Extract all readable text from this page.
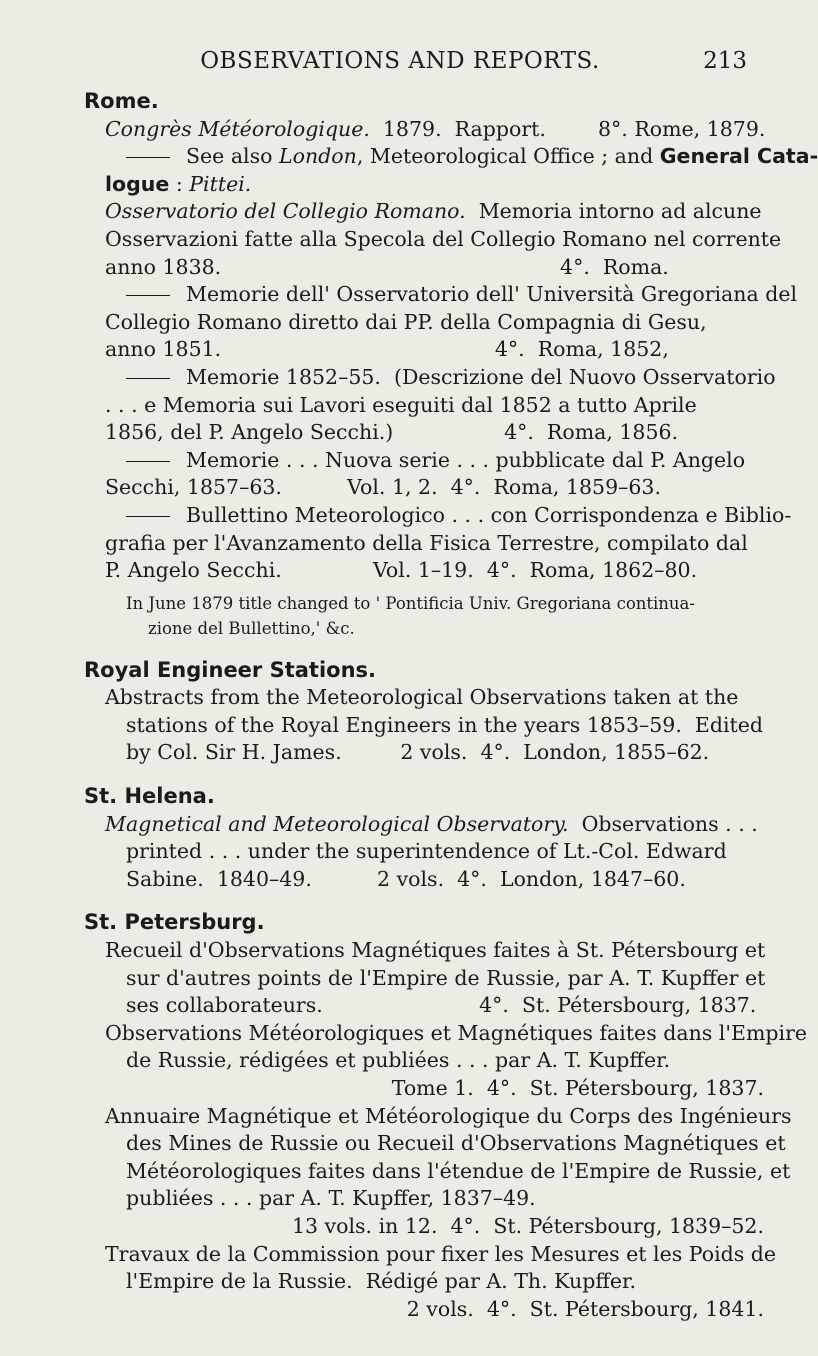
OBSERVATIONS AND REPORTS.	213
Rome.
Congrès Météorologique.  1879.  Rapport.        8°. Rome, 1879.
See also London, Meteorological Office ; and General Cata-
logue : Pittei.
Osservatorio del Collegio Romano.  Memoria intorno ad alcune
Osservazioni fatte alla Specola del Collegio Romano nel corrente
anno 1838.                                                    4°.  Roma.
Memorie dell' Osservatorio dell' Università Gregoriana del
Collegio Romano diretto dai PP. della Compagnia di Gesu,
anno 1851.                                          4°.  Roma, 1852,
Memorie 1852–55.  (Descrizione del Nuovo Osservatorio
. . . e Memoria sui Lavori eseguiti dal 1852 a tutto Aprile
1856, del P. Angelo Secchi.)                 4°.  Roma, 1856.
Memorie . . . Nuova serie . . . pubblicate dal P. Angelo
Secchi, 1857–63.          Vol. 1, 2.  4°.  Roma, 1859–63.
Bullettino Meteorologico . . . con Corrispondenza e Biblio-
grafia per l'Avanzamento della Fisica Terrestre, compilato dal
P. Angelo Secchi.              Vol. 1–19.  4°.  Roma, 1862–80.
In June 1879 title changed to ' Pontificia Univ. Gregoriana continua-
zione del Bullettino,' &c.
Royal Engineer Stations.
Abstracts from the Meteorological Observations taken at the
stations of the Royal Engineers in the years 1853–59.  Edited
by Col. Sir H. James.         2 vols.  4°.  London, 1855–62.
St. Helena.
Magnetical and Meteorological Observatory.  Observations . . .
printed . . . under the superintendence of Lt.-Col. Edward
Sabine.  1840–49.          2 vols.  4°.  London, 1847–60.
St. Petersburg.
Recueil d'Observations Magnétiques faites à St. Pétersbourg et
sur d'autres points de l'Empire de Russie, par A. T. Kupffer et
ses collaborateurs.                        4°.  St. Pétersbourg, 1837.
Observations Météorologiques et Magnétiques faites dans l'Empire
de Russie, rédigées et publiées . . . par A. T. Kupffer.
Tome 1.  4°.  St. Pétersbourg, 1837.
Annuaire Magnétique et Météorologique du Corps des Ingénieurs
des Mines de Russie ou Recueil d'Observations Magnétiques et
Météorologiques faites dans l'étendue de l'Empire de Russie, et
publiées . . . par A. T. Kupffer, 1837–49.
13 vols. in 12.  4°.  St. Pétersbourg, 1839–52.
Travaux de la Commission pour fixer les Mesures et les Poids de
l'Empire de la Russie.  Rédigé par A. Th. Kupffer.
2 vols.  4°.  St. Pétersbourg, 1841.
